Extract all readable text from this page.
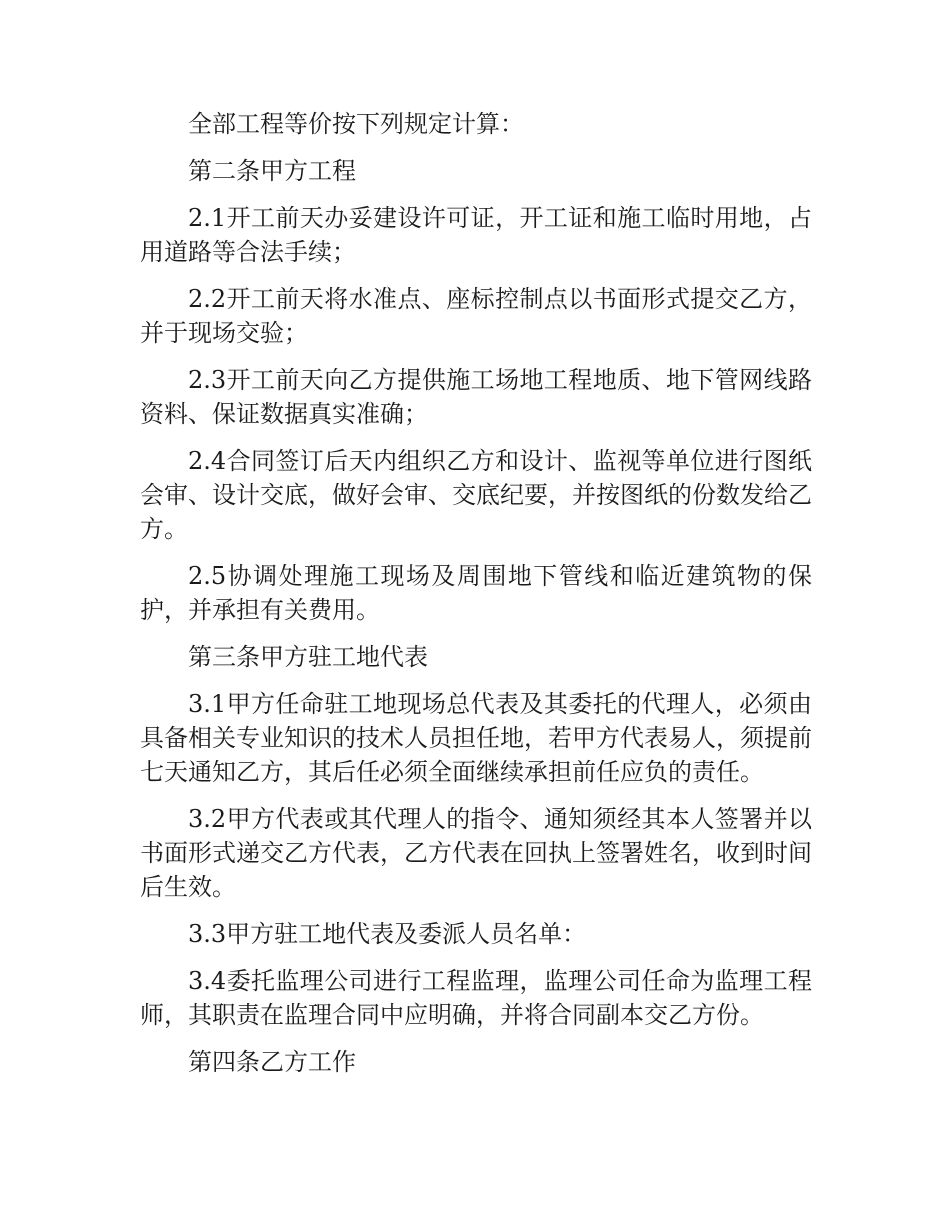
全部工程等价按下列规定计算：

第二条甲方工程

2.1开工前天办妥建设许可证，开工证和施工临时用地，占用道路等合法手续；

2.2开工前天将水准点、座标控制点以书面形式提交乙方，并于现场交验；

2.3开工前天向乙方提供施工场地工程地质、地下管网线路资料、保证数据真实准确；

2.4合同签订后天内组织乙方和设计、监视等单位进行图纸会审、设计交底，做好会审、交底纪要，并按图纸的份数发给乙方。

2.5协调处理施工现场及周围地下管线和临近建筑物的保护，并承担有关费用。

第三条甲方驻工地代表

3.1甲方任命驻工地现场总代表及其委托的代理人，必须由具备相关专业知识的技术人员担任地，若甲方代表易人，须提前七天通知乙方，其后任必须全面继续承担前任应负的责任。

3.2甲方代表或其代理人的指令、通知须经其本人签署并以书面形式递交乙方代表，乙方代表在回执上签署姓名，收到时间后生效。

3.3甲方驻工地代表及委派人员名单：

3.4委托监理公司进行工程监理，监理公司任命为监理工程师，其职责在监理合同中应明确，并将合同副本交乙方份。

第四条乙方工作
